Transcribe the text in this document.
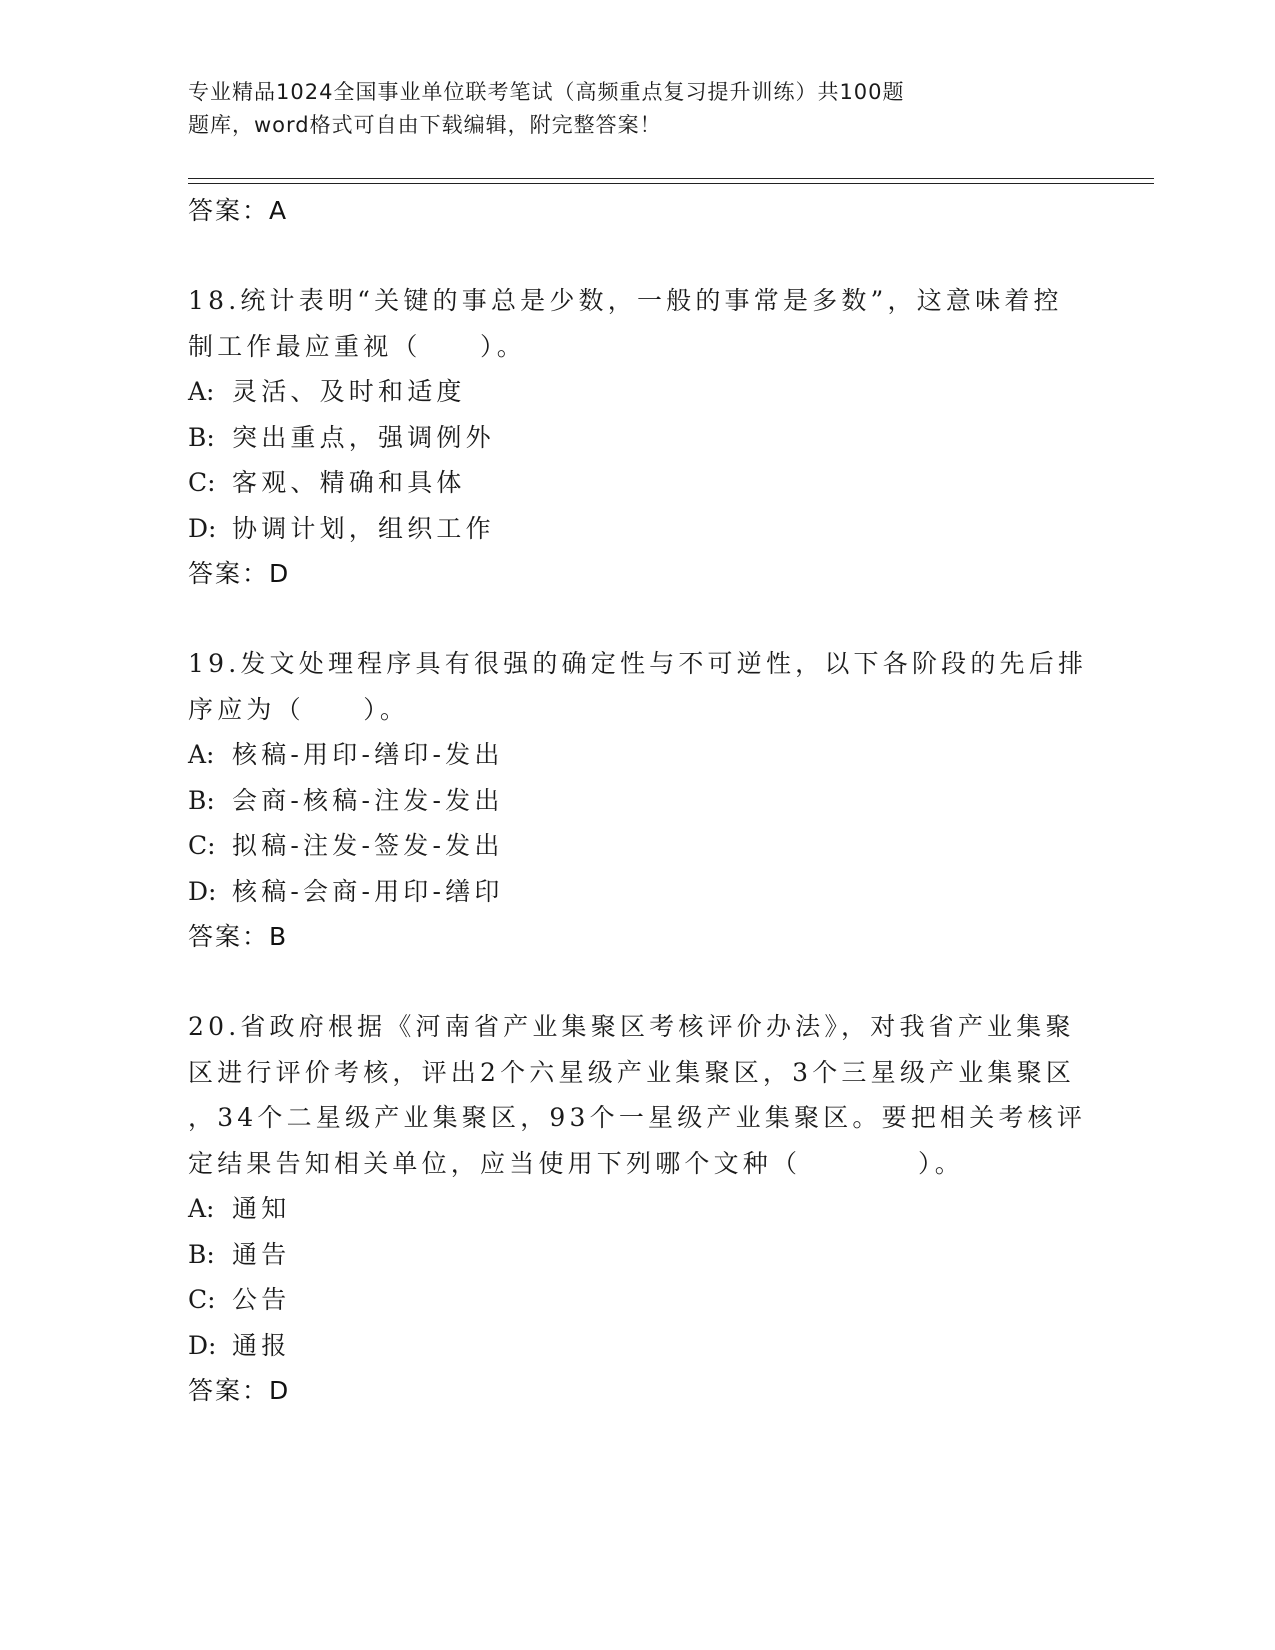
专业精品1024全国事业单位联考笔试（高频重点复习提升训练）共100题
题库，word格式可自由下载编辑，附完整答案！
答案：A
18.统计表明“关键的事总是少数，一般的事常是多数”，这意味着控
制工作最应重视（　　）。
A: 灵活、及时和适度
B: 突出重点，强调例外
C: 客观、精确和具体
D: 协调计划，组织工作
答案：D
19.发文处理程序具有很强的确定性与不可逆性，以下各阶段的先后排
序应为（　　）。
A: 核稿-用印-缮印-发出
B: 会商-核稿-注发-发出
C: 拟稿-注发-签发-发出
D: 核稿-会商-用印-缮印
答案：B
20.省政府根据《河南省产业集聚区考核评价办法》，对我省产业集聚
区进行评价考核，评出2个六星级产业集聚区，3个三星级产业集聚区
，34个二星级产业集聚区，93个一星级产业集聚区。要把相关考核评
定结果告知相关单位，应当使用下列哪个文种（　　　　）。
A: 通知
B: 通告
C: 公告
D: 通报
答案：D
